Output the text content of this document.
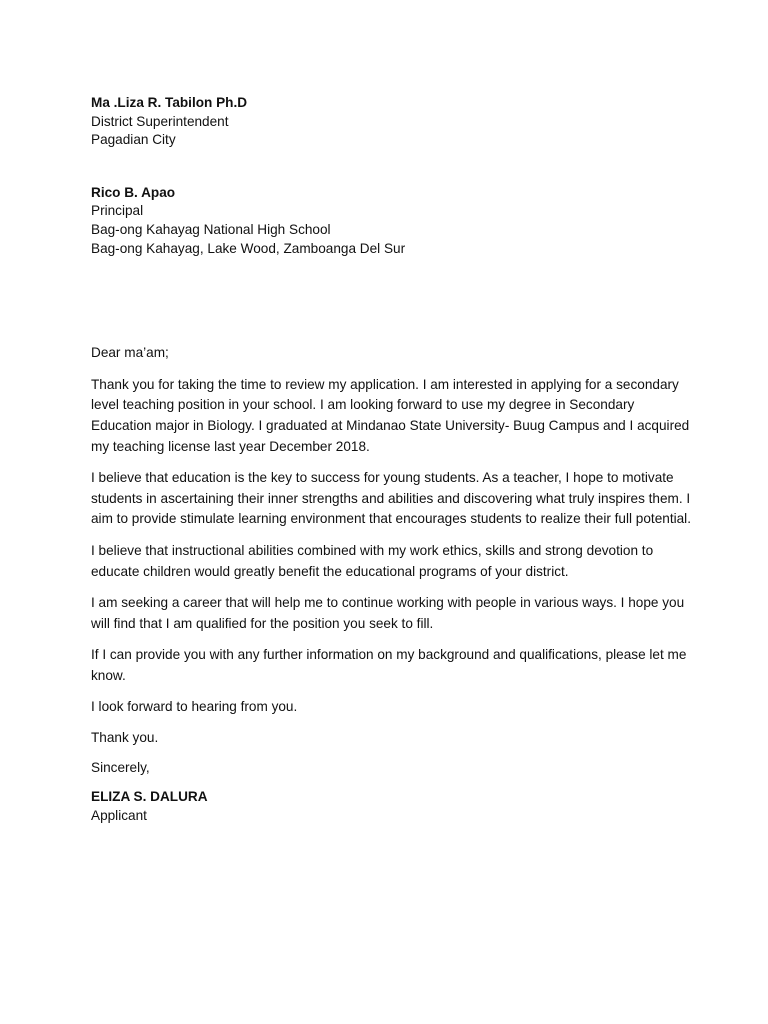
Ma .Liza R. Tabilon Ph.D
District Superintendent
Pagadian City
Rico B. Apao
Principal
Bag-ong Kahayag National High School
Bag-ong Kahayag, Lake Wood, Zamboanga Del Sur
Dear ma’am;

Thank you for taking the time to review my application. I am interested in applying for a secondary level teaching position in your school. I am looking forward to use my degree in Secondary Education major in Biology. I graduated at Mindanao State University- Buug Campus and I acquired my teaching license last year December 2018.

I believe that education is the key to success for young students. As a teacher, I hope to motivate students in ascertaining their inner strengths and abilities and discovering what truly inspires them. I aim to provide stimulate learning environment that encourages students to realize their full potential.

I believe that instructional abilities combined with my work ethics, skills and strong devotion to educate children would greatly benefit the educational programs of your district.

I am seeking a career that will help me to continue working with people in various ways. I hope you will find that I am qualified for the position you seek to fill.

If I can provide you with any further information on my background and qualifications, please let me know.

I look forward to hearing from you.

Thank you.
Sincerely,
ELIZA S. DALURA
Applicant
